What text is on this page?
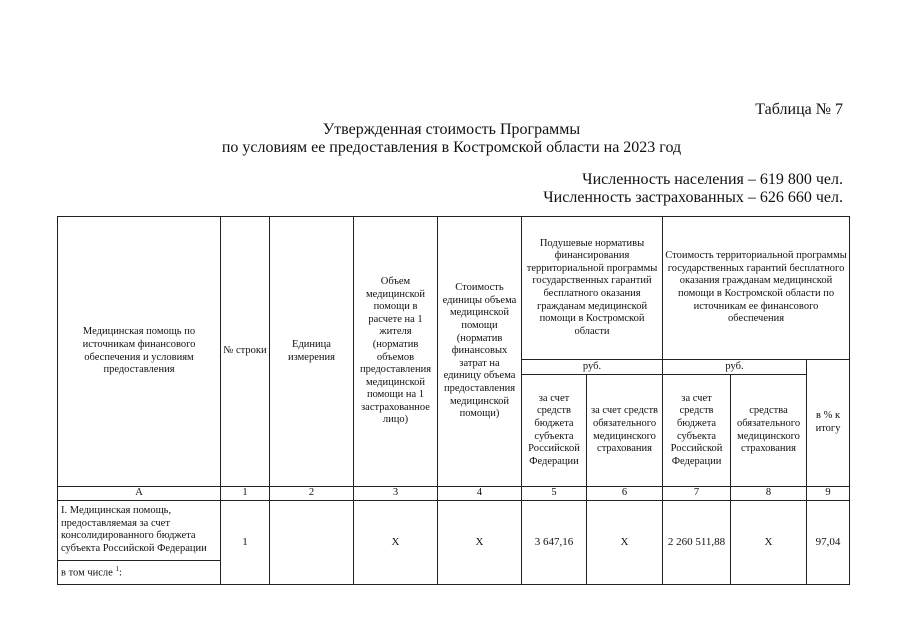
Таблица № 7
Утвержденная стоимость Программы
по условиям ее предоставления в Костромской области на 2023 год
Численность населения – 619 800 чел.
Численность застрахованных – 626 660 чел.
Медицинская помощь по источникам финансового обеспечения и условиям предоставления	№ строки	Единица измерения	Объем медицинской помощи в расчете на 1 жителя (норматив объемов предоставления медицинской помощи на 1 застрахованное лицо)	Стоимость единицы объема медицинской помощи (норматив финансовых затрат на единицу объема предоставления медицинской помощи)	Подушевые нормативы финансирования территориальной программы государственных гарантий бесплатного оказания гражданам медицинской помощи в Костромской области		Стоимость территориальной программы государственных гарантий бесплатного оказания гражданам медицинской помощи в Костромской области по источникам ее финансового обеспечения		
					руб.		руб.		в % к итогу
					за счет средств бюджета субъекта Российской Федерации	за счет средств обязательного медицинского страхования	за счет средств бюджета субъекта Российской Федерации	средства обязательного медицинского страхования	
А	1	2	3	4	5	6	7	8	9
I. Медицинская помощь, предоставляемая за счет консолидированного бюджета субъекта Российской Федерации	1		X	X	3 647,16	X	2 260 511,88	X	97,04
в том числе $^1$:									
